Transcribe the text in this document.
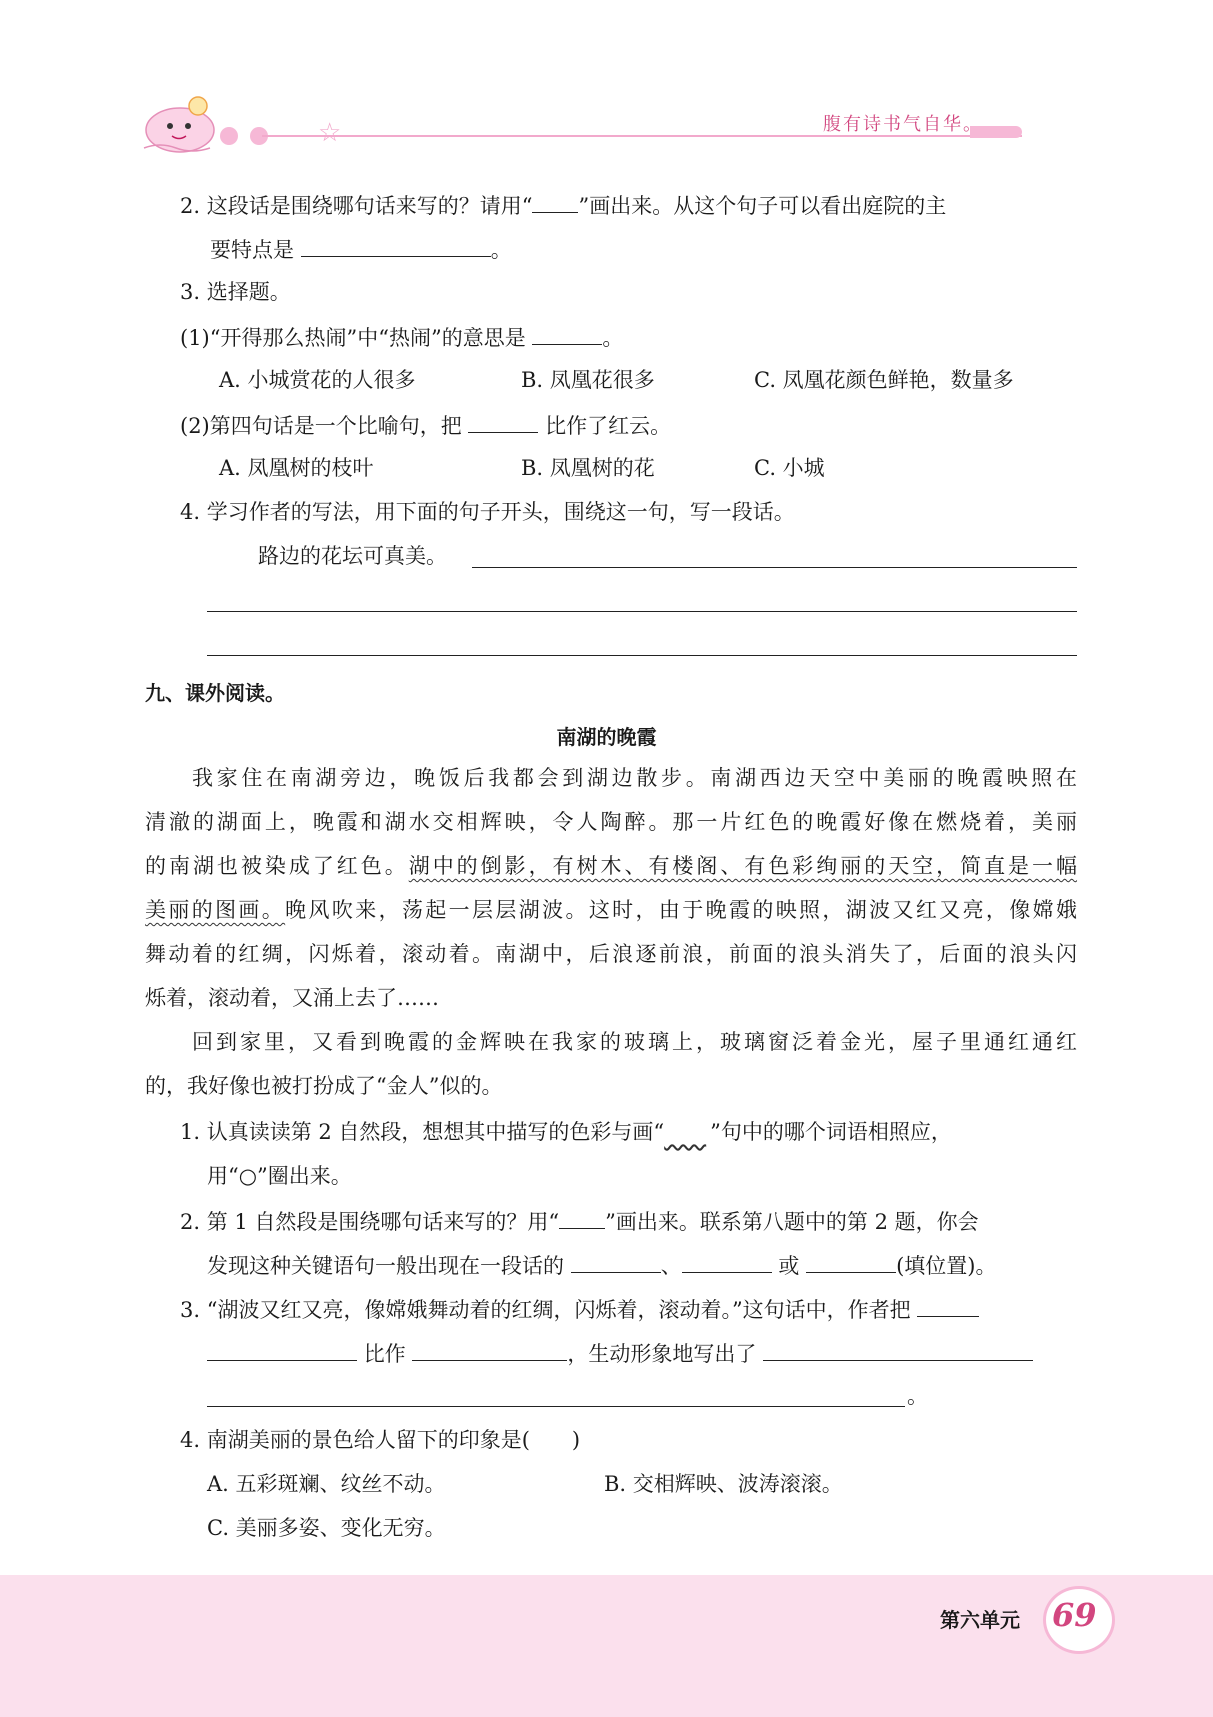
☆	腹有诗书气自华。
2. 这段话是围绕哪句话来写的？请用“ ”画出来。从这个句子可以看出庭院的主
要特点是	。
3. 选择题。
(1)“开得那么热闹”中“热闹”的意思是	。
A. 小城赏花的人很多	B. 凤凰花很多	C. 凤凰花颜色鲜艳，数量多
(2)第四句话是一个比喻句，把	比作了红云。
A. 凤凰树的枝叶	B. 凤凰树的花	C. 小城
4. 学习作者的写法，用下面的句子开头，围绕这一句，写一段话。
路边的花坛可真美。
九、课外阅读。
南湖的晚霞
我家住在南湖旁边，晚饭后我都会到湖边散步。南湖西边天空中美丽的晚霞映照在
清澈的湖面上，晚霞和湖水交相辉映，令人陶醉。那一片红色的晚霞好像在燃烧着，美丽
的南湖也被染成了红色。湖中的倒影，有树木、有楼阁、有色彩绚丽的天空，简直是一幅
美丽的图画。晚风吹来，荡起一层层湖波。这时，由于晚霞的映照，湖波又红又亮，像嫦娥
舞动着的红绸，闪烁着，滚动着。南湖中，后浪逐前浪，前面的浪头消失了，后面的浪头闪
烁着，滚动着，又涌上去了……
回到家里，又看到晚霞的金辉映在我家的玻璃上，玻璃窗泛着金光，屋子里通红通红
的，我好像也被打扮成了“金人”似的。
1. 认真读读第 2 自然段，想想其中描写的色彩与画“   ”句中的哪个词语相照应，
用“○”圈出来。
2. 第 1 自然段是围绕哪句话来写的？用“ ”画出来。联系第八题中的第 2 题，你会
发现这种关键语句一般出现在一段话的	、	或	(填位置)。
3. “湖波又红又亮，像嫦娥舞动着的红绸，闪烁着，滚动着。”这句话中，作者把
比作	，生动形象地写出了
。
4. 南湖美丽的景色给人留下的印象是(　　)
A. 五彩斑斓、纹丝不动。	B. 交相辉映、波涛滚滚。
C. 美丽多姿、变化无穷。
第六单元 69
